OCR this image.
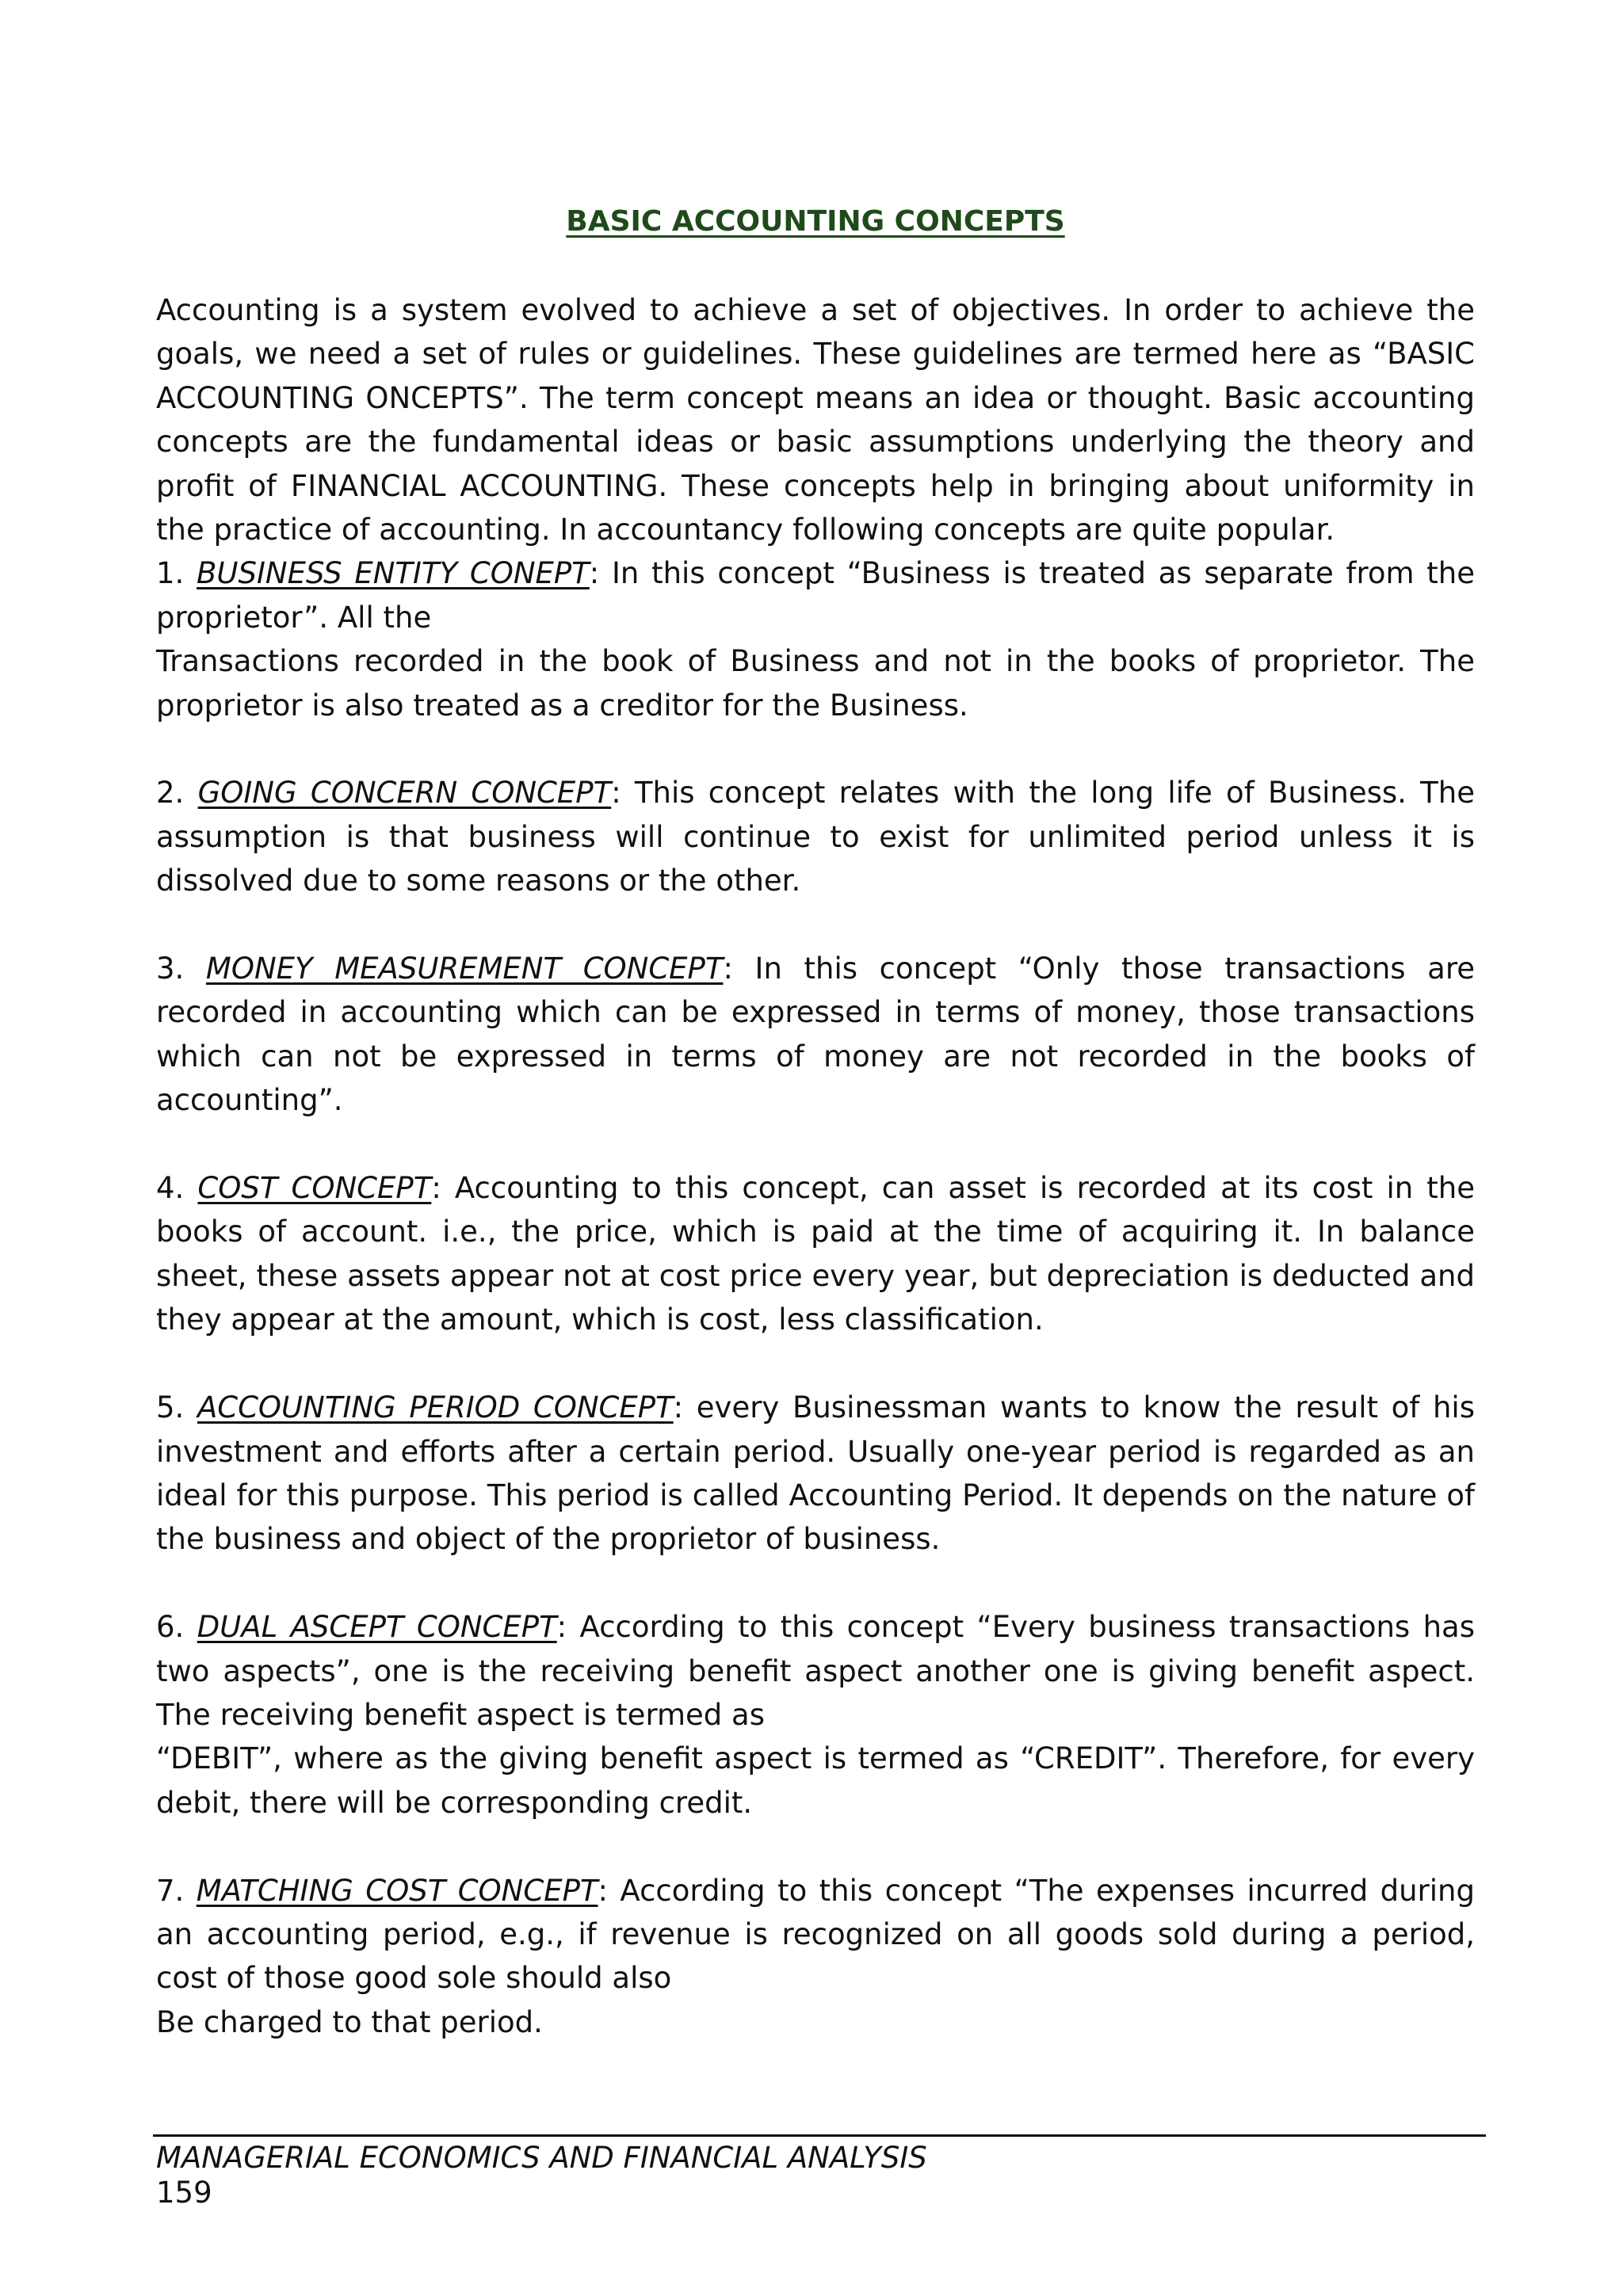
BASIC ACCOUNTING CONCEPTS

Accounting is a system evolved to achieve a set of objectives. In order to achieve the goals, we need a set of rules or guidelines. These guidelines are termed here as “BASIC ACCOUNTING ONCEPTS”. The term concept means an idea or thought. Basic accounting concepts are the fundamental ideas or basic assumptions underlying the theory and profit of FINANCIAL ACCOUNTING. These concepts help in bringing about uniformity in the practice of accounting. In accountancy following concepts are quite popular.

1. BUSINESS ENTITY CONEPT: In this concept “Business is treated as separate from the proprietor”. All the

Transactions recorded in the book of Business and not in the books of proprietor. The proprietor is also treated as a creditor for the Business.

2. GOING CONCERN CONCEPT: This concept relates with the long life of Business. The assumption is that business will continue to exist for unlimited period unless it is dissolved due to some reasons or the other.

3. MONEY MEASUREMENT CONCEPT: In this concept “Only those transactions are recorded in accounting which can be expressed in terms of money, those transactions which can not be expressed in terms of money are not recorded in the books of accounting”.

4. COST CONCEPT: Accounting to this concept, can asset is recorded at its cost in the books of account. i.e., the price, which is paid at the time of acquiring it. In balance sheet, these assets appear not at cost price every year, but depreciation is deducted and they appear at the amount, which is cost, less classification.

5. ACCOUNTING PERIOD CONCEPT: every Businessman wants to know the result of his investment and efforts after a certain period. Usually one-year period is regarded as an ideal for this purpose. This period is called Accounting Period. It depends on the nature of the business and object of the proprietor of business.

6. DUAL ASCEPT CONCEPT: According to this concept “Every business transactions has two aspects”, one is the receiving benefit aspect another one is giving benefit aspect. The receiving benefit aspect is termed as

“DEBIT”, where as the giving benefit aspect is termed as “CREDIT”. Therefore, for every debit, there will be corresponding credit.

7. MATCHING COST CONCEPT: According to this concept “The expenses incurred during an accounting period, e.g., if revenue is recognized on all goods sold during a period, cost of those good sole should also

Be charged to that period.

MANAGERIAL ECONOMICS AND FINANCIAL ANALYSIS
159
